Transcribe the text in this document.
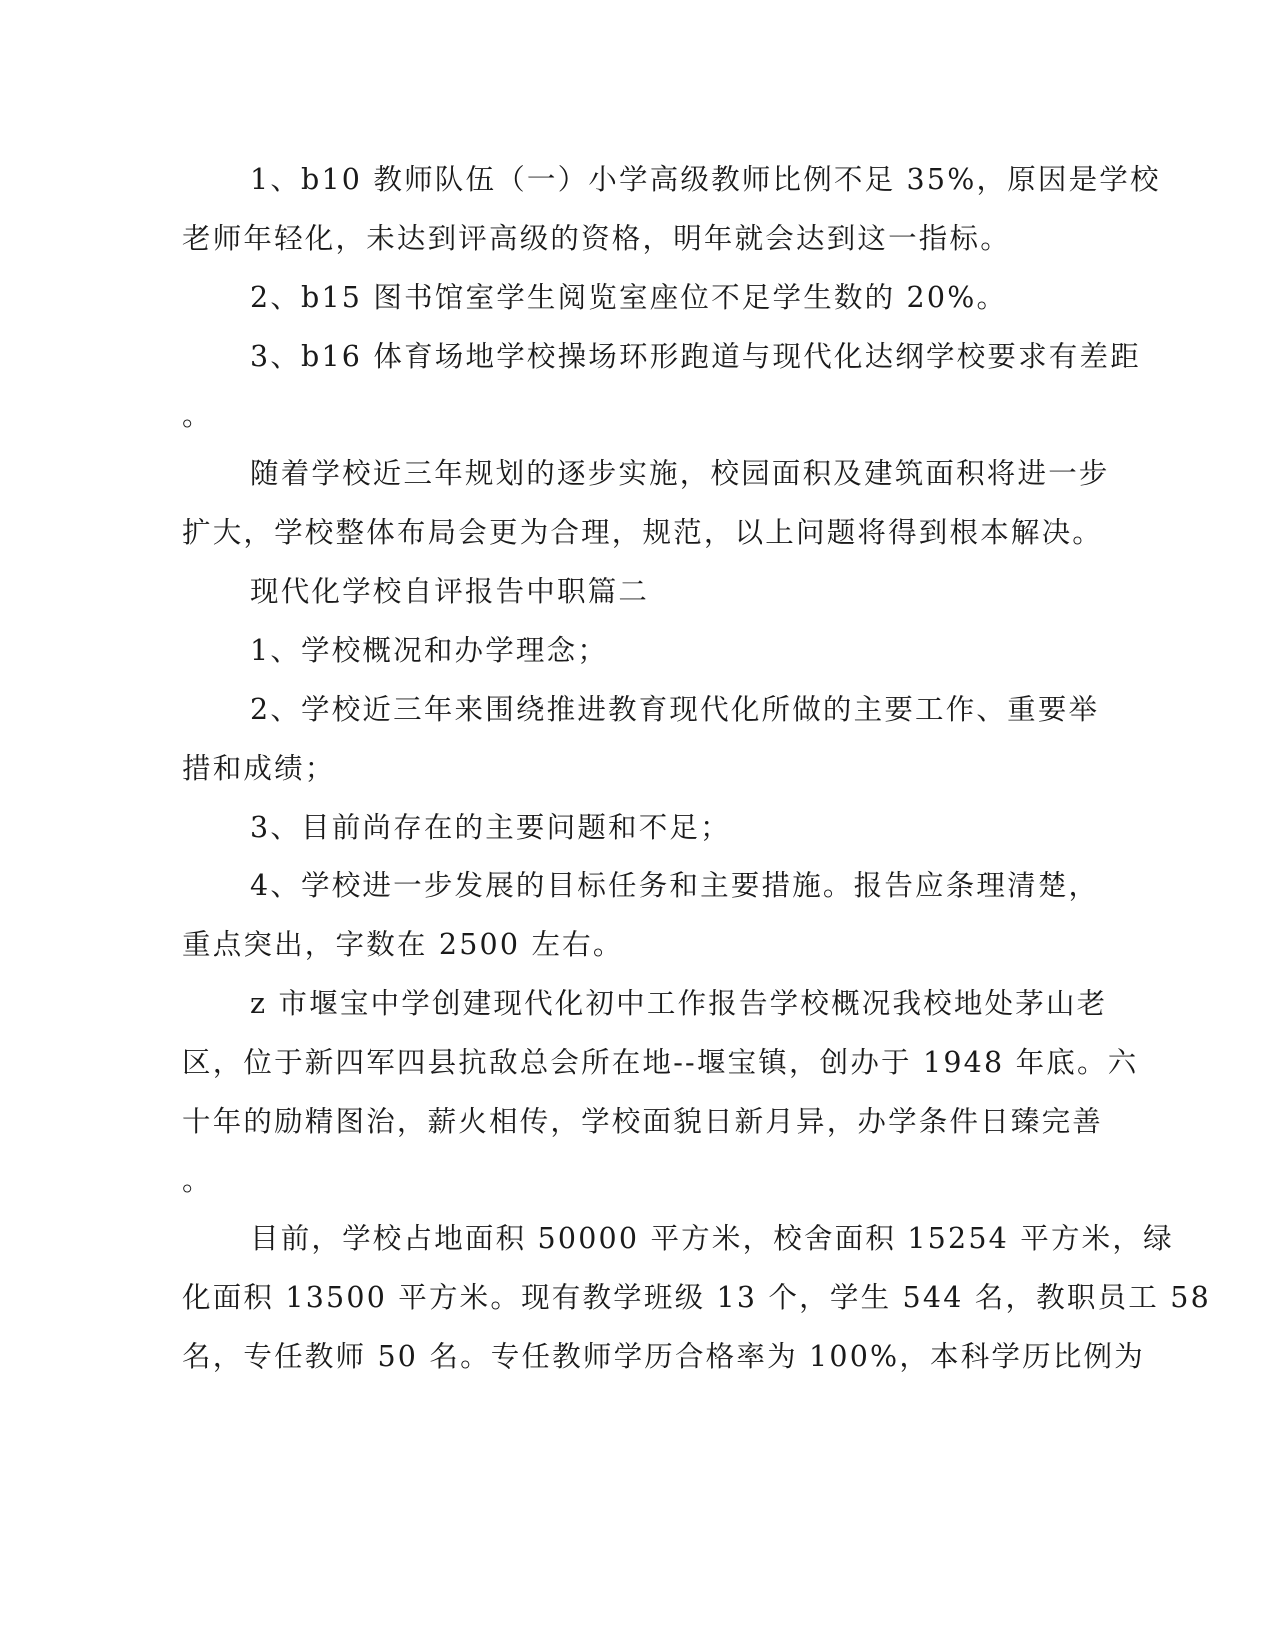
1、b10 教师队伍（一）小学高级教师比例不足 35%，原因是学校
老师年轻化，未达到评高级的资格，明年就会达到这一指标。
2、b15 图书馆室学生阅览室座位不足学生数的 20%。
3、b16 体育场地学校操场环形跑道与现代化达纲学校要求有差距
。
随着学校近三年规划的逐步实施，校园面积及建筑面积将进一步
扩大，学校整体布局会更为合理，规范，以上问题将得到根本解决。
现代化学校自评报告中职篇二
1、学校概况和办学理念；
2、学校近三年来围绕推进教育现代化所做的主要工作、重要举
措和成绩；
3、目前尚存在的主要问题和不足；
4、学校进一步发展的目标任务和主要措施。报告应条理清楚，
重点突出，字数在 2500 左右。
z 市堰宝中学创建现代化初中工作报告学校概况我校地处茅山老
区，位于新四军四县抗敌总会所在地--堰宝镇，创办于 1948 年底。六
十年的励精图治，薪火相传，学校面貌日新月异，办学条件日臻完善
。
目前，学校占地面积 50000 平方米，校舍面积 15254 平方米，绿
化面积 13500 平方米。现有教学班级 13 个，学生 544 名，教职员工 58
名，专任教师 50 名。专任教师学历合格率为 100%，本科学历比例为
